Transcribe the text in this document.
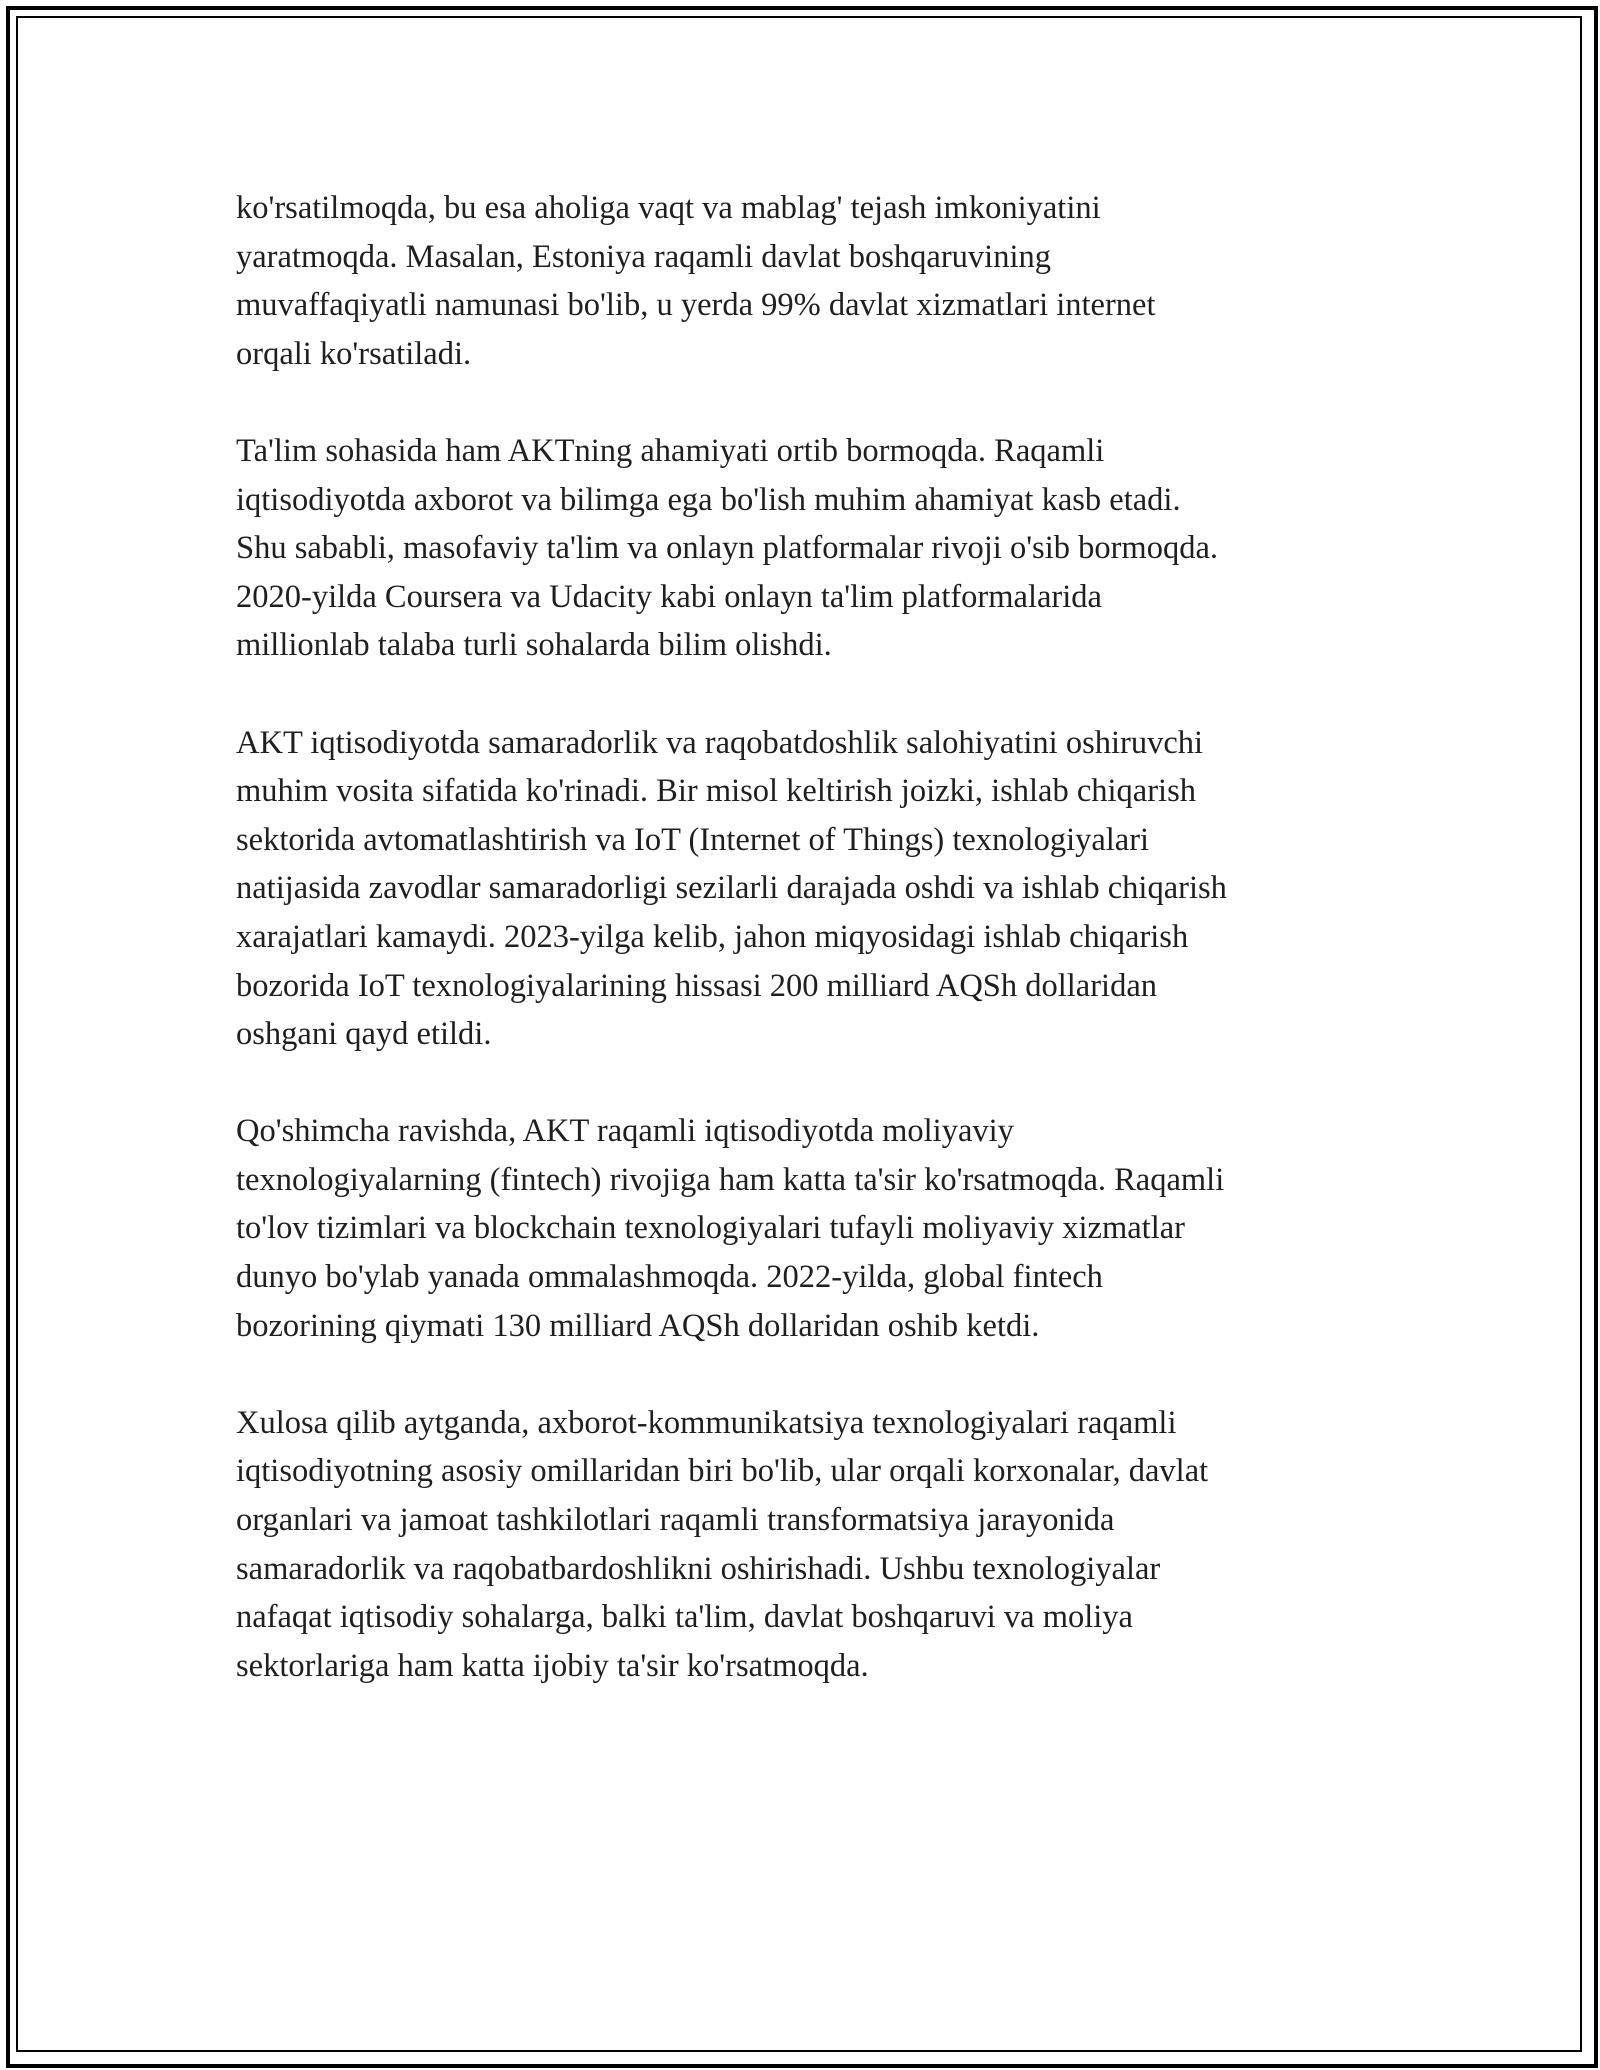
ko'rsatilmoqda, bu esa aholiga vaqt va mablag' tejash imkoniyatini
yaratmoqda. Masalan, Estoniya raqamli davlat boshqaruvining
muvaffaqiyatli namunasi bo'lib, u yerda 99% davlat xizmatlari internet
orqali ko'rsatiladi.

Ta'lim sohasida ham AKTning ahamiyati ortib bormoqda. Raqamli
iqtisodiyotda axborot va bilimga ega bo'lish muhim ahamiyat kasb etadi.
Shu sababli, masofaviy ta'lim va onlayn platformalar rivoji o'sib bormoqda.
2020-yilda Coursera va Udacity kabi onlayn ta'lim platformalarida
millionlab talaba turli sohalarda bilim olishdi.

AKT iqtisodiyotda samaradorlik va raqobatdoshlik salohiyatini oshiruvchi
muhim vosita sifatida ko'rinadi. Bir misol keltirish joizki, ishlab chiqarish
sektorida avtomatlashtirish va IoT (Internet of Things) texnologiyalari
natijasida zavodlar samaradorligi sezilarli darajada oshdi va ishlab chiqarish
xarajatlari kamaydi. 2023-yilga kelib, jahon miqyosidagi ishlab chiqarish
bozorida IoT texnologiyalarining hissasi 200 milliard AQSh dollaridan
oshgani qayd etildi.

Qo'shimcha ravishda, AKT raqamli iqtisodiyotda moliyaviy
texnologiyalarning (fintech) rivojiga ham katta ta'sir ko'rsatmoqda. Raqamli
to'lov tizimlari va blockchain texnologiyalari tufayli moliyaviy xizmatlar
dunyo bo'ylab yanada ommalashmoqda. 2022-yilda, global fintech
bozorining qiymati 130 milliard AQSh dollaridan oshib ketdi.

Xulosa qilib aytganda, axborot-kommunikatsiya texnologiyalari raqamli
iqtisodiyotning asosiy omillaridan biri bo'lib, ular orqali korxonalar, davlat
organlari va jamoat tashkilotlari raqamli transformatsiya jarayonida
samaradorlik va raqobatbardoshlikni oshirishadi. Ushbu texnologiyalar
nafaqat iqtisodiy sohalarga, balki ta'lim, davlat boshqaruvi va moliya
sektorlariga ham katta ijobiy ta'sir ko'rsatmoqda.
